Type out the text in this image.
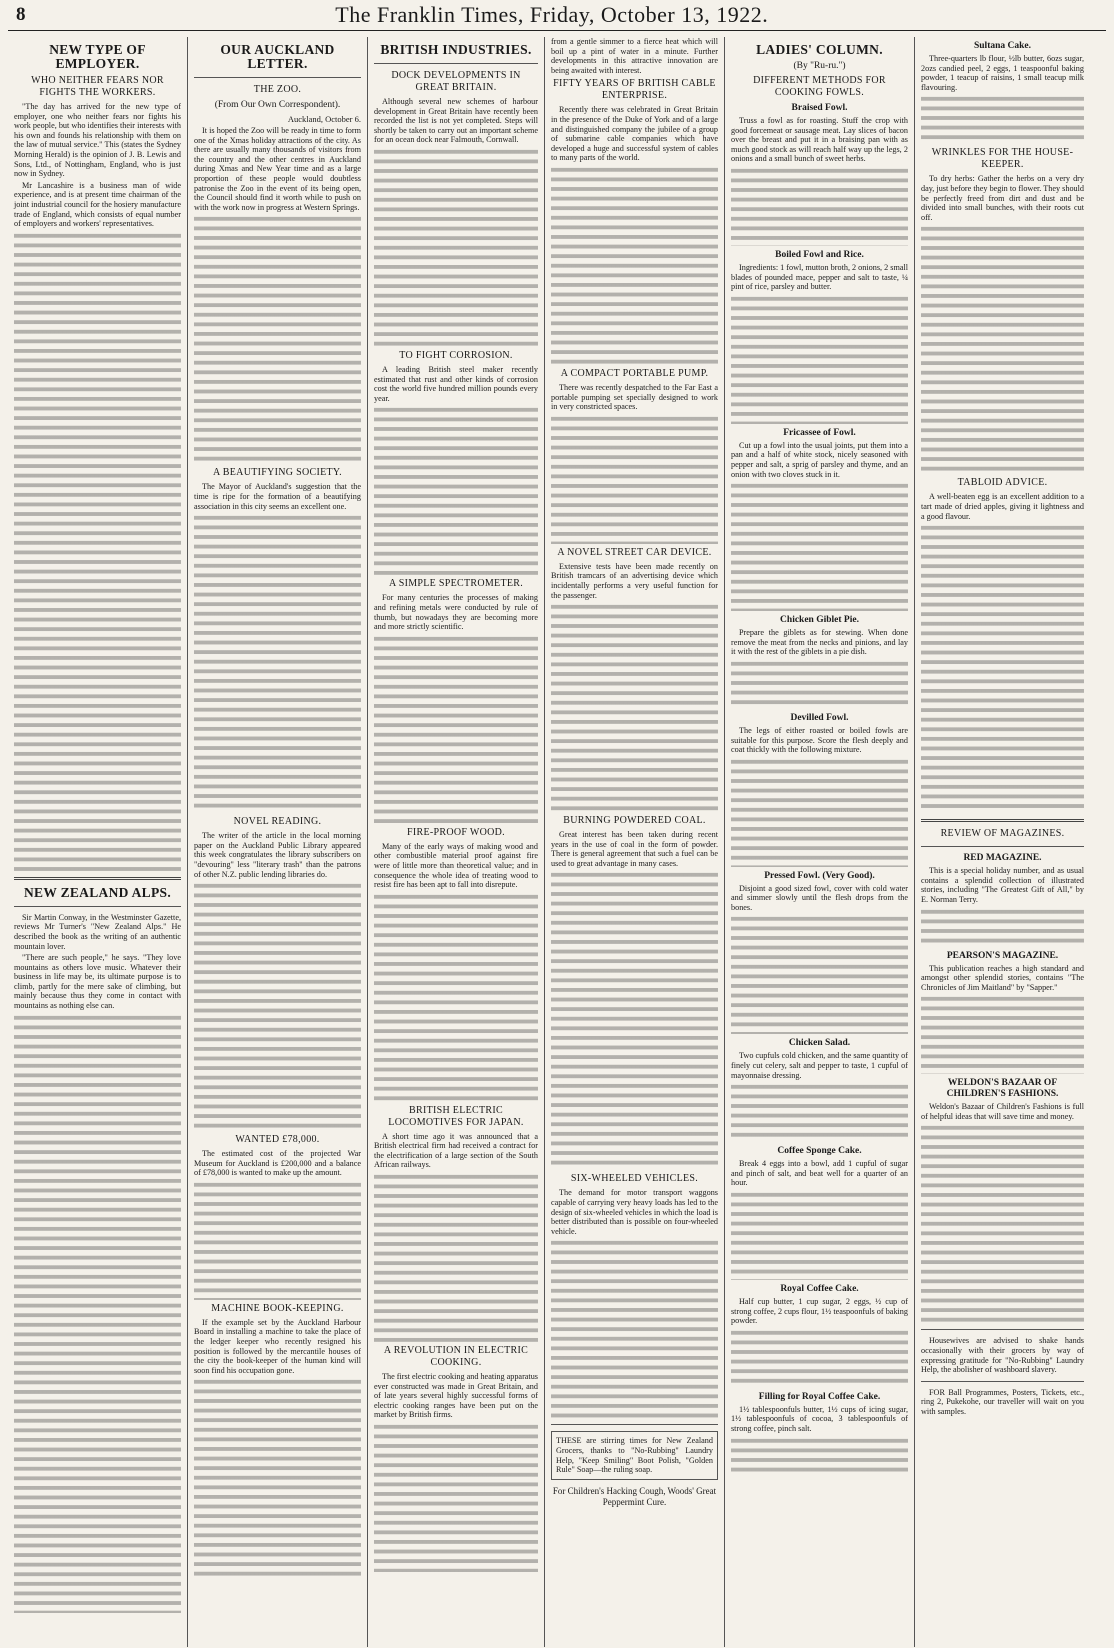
8	The Franklin Times, Friday, October 13, 1922.
NEW TYPE OF EMPLOYER.
WHO NEITHER FEARS NOR FIGHTS THE WORKERS.

"The day has arrived for the new type of employer, one who neither fears nor fights his work people, but who identifies their interests with his own and founds his relationship with them on the law of mutual service." This (states the Sydney Morning Herald) is the opinion of J. B. Lewis and Sons, Ltd., of Nottingham, England, who is just now in Sydney.

Mr Lancashire is a business man of wide experience, and is at present time chairman of the joint industrial council for the hosiery manufacture trade of England, which consists of equal number of employers and workers' representatives.

NEW ZEALAND ALPS.

Sir Martin Conway, in the Westminster Gazette, reviews Mr Turner's "New Zealand Alps." He described the book as the writing of an authentic mountain lover.

"There are such people," he says. "They love mountains as others love music. Whatever their business in life may be, its ultimate purpose is to climb, partly for the mere sake of climbing, but mainly because thus they come in contact with mountains as nothing else can.

OUR AUCKLAND LETTER.
THE ZOO.
(From Our Own Correspondent).
Auckland, October 6.

It is hoped the Zoo will be ready in time to form one of the Xmas holiday attractions of the city. As there are usually many thousands of visitors from the country and the other centres in Auckland during Xmas and New Year time and as a large proportion of these people would doubtless patronise the Zoo in the event of its being open, the Council should find it worth while to push on with the work now in progress at Western Springs.

A BEAUTIFYING SOCIETY.

The Mayor of Auckland's suggestion that the time is ripe for the formation of a beautifying association in this city seems an excellent one.

NOVEL READING.

The writer of the article in the local morning paper on the Auckland Public Library appeared this week congratulates the library subscribers on "devouring" less "literary trash" than the patrons of other N.Z. public lending libraries do.

WANTED £78,000.

The estimated cost of the projected War Museum for Auckland is £200,000 and a balance of £78,000 is wanted to make up the amount.

MACHINE BOOK-KEEPING.

If the example set by the Auckland Harbour Board in installing a machine to take the place of the ledger keeper who recently resigned his position is followed by the mercantile houses of the city the book-keeper of the human kind will soon find his occupation gone.

BRITISH INDUSTRIES.
DOCK DEVELOPMENTS IN GREAT BRITAIN.

Although several new schemes of harbour development in Great Britain have recently been recorded the list is not yet completed. Steps will shortly be taken to carry out an important scheme for an ocean dock near Falmouth, Cornwall.

TO FIGHT CORROSION.

A leading British steel maker recently estimated that rust and other kinds of corrosion cost the world five hundred million pounds every year.

A SIMPLE SPECTROMETER.

For many centuries the processes of making and refining metals were conducted by rule of thumb, but nowadays they are becoming more and more strictly scientific.

FIRE-PROOF WOOD.

Many of the early ways of making wood and other combustible material proof against fire were of little more than theoretical value; and in consequence the whole idea of treating wood to resist fire has been apt to fall into disrepute.

BRITISH ELECTRIC LOCOMOTIVES FOR JAPAN.

A short time ago it was announced that a British electrical firm had received a contract for the electrification of a large section of the South African railways.

A REVOLUTION IN ELECTRIC COOKING.

The first electric cooking and heating apparatus ever constructed was made in Great Britain, and of late years several highly successful forms of electric cooking ranges have been put on the market by British firms.

from a gentle simmer to a fierce heat which will boil up a pint of water in a minute. Further developments in this attractive innovation are being awaited with interest.

FIFTY YEARS OF BRITISH CABLE ENTERPRISE.

Recently there was celebrated in Great Britain in the presence of the Duke of York and of a large and distinguished company the jubilee of a group of submarine cable companies which have developed a huge and successful system of cables to many parts of the world.

A COMPACT PORTABLE PUMP.

There was recently despatched to the Far East a portable pumping set specially designed to work in very constricted spaces.

A NOVEL STREET CAR DEVICE.

Extensive tests have been made recently on British tramcars of an advertising device which incidentally performs a very useful function for the passenger.

BURNING POWDERED COAL.

Great interest has been taken during recent years in the use of coal in the form of powder. There is general agreement that such a fuel can be used to great advantage in many cases.

SIX-WHEELED VEHICLES.

The demand for motor transport waggons capable of carrying very heavy loads has led to the design of six-wheeled vehicles in which the load is better distributed than is possible on four-wheeled vehicle.

THESE are stirring times for New Zealand Grocers, thanks to "No-Rubbing" Laundry Help, "Keep Smiling" Boot Polish, "Golden Rule" Soap—the ruling soap.
For Children's Hacking Cough, Woods' Great Peppermint Cure.
LADIES' COLUMN.
(By "Ru-ru.")
DIFFERENT METHODS FOR COOKING FOWLS.
Braised Fowl.

Truss a fowl as for roasting. Stuff the crop with good forcemeat or sausage meat. Lay slices of bacon over the breast and put it in a braising pan with as much good stock as will reach half way up the legs, 2 onions and a small bunch of sweet herbs.

Boiled Fowl and Rice.

Ingredients: 1 fowl, mutton broth, 2 onions, 2 small blades of pounded mace, pepper and salt to taste, ¼ pint of rice, parsley and butter.

Fricassee of Fowl.

Cut up a fowl into the usual joints, put them into a pan and a half of white stock, nicely seasoned with pepper and salt, a sprig of parsley and thyme, and an onion with two cloves stuck in it.

Chicken Giblet Pie.

Prepare the giblets as for stewing. When done remove the meat from the necks and pinions, and lay it with the rest of the giblets in a pie dish.

Devilled Fowl.

The legs of either roasted or boiled fowls are suitable for this purpose. Score the flesh deeply and coat thickly with the following mixture.

Pressed Fowl. (Very Good).

Disjoint a good sized fowl, cover with cold water and simmer slowly until the flesh drops from the bones.

Chicken Salad.

Two cupfuls cold chicken, and the same quantity of finely cut celery, salt and pepper to taste, 1 cupful of mayonnaise dressing.

Coffee Sponge Cake.

Break 4 eggs into a bowl, add 1 cupful of sugar and pinch of salt, and beat well for a quarter of an hour.

Royal Coffee Cake.

Half cup butter, 1 cup sugar, 2 eggs, ½ cup of strong coffee, 2 cups flour, 1½ teaspoonfuls of baking powder.

Filling for Royal Coffee Cake.

1½ tablespoonfuls butter, 1½ cups of icing sugar, 1½ tablespoonfuls of cocoa, 3 tablespoonfuls of strong coffee, pinch salt.

Sultana Cake.

Three-quarters lb flour, ½lb butter, 6ozs sugar, 2ozs candied peel, 2 eggs, 1 teaspoonful baking powder, 1 teacup of raisins, 1 small teacup milk flavouring.

WRINKLES FOR THE HOUSE-KEEPER.

To dry herbs: Gather the herbs on a very dry day, just before they begin to flower. They should be perfectly freed from dirt and dust and be divided into small bunches, with their roots cut off.

TABLOID ADVICE.

A well-beaten egg is an excellent addition to a tart made of dried apples, giving it lightness and a good flavour.

REVIEW OF MAGAZINES.
RED MAGAZINE.

This is a special holiday number, and as usual contains a splendid collection of illustrated stories, including "The Greatest Gift of All," by E. Norman Terry.

PEARSON'S MAGAZINE.

This publication reaches a high standard and amongst other splendid stories, contains "The Chronicles of Jim Maitland" by "Sapper."

WELDON'S BAZAAR OF CHILDREN'S FASHIONS.

Weldon's Bazaar of Children's Fashions is full of helpful ideas that will save time and money.

Housewives are advised to shake hands occasionally with their grocers by way of expressing gratitude for "No-Rubbing" Laundry Help, the abolisher of washboard slavery.

FOR Ball Programmes, Posters, Tickets, etc., ring 2, Pukekohe, our traveller will wait on you with samples.
